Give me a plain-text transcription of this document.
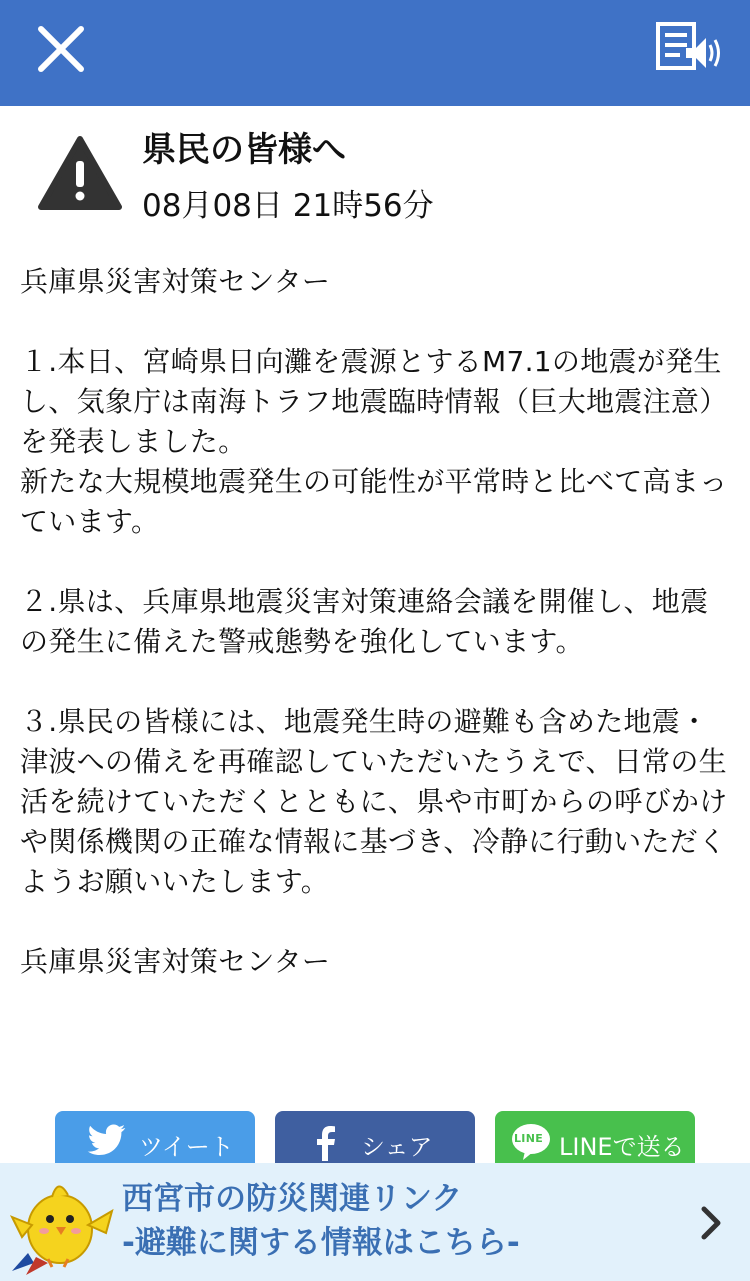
県民の皆様へ
08月08日 21時56分

兵庫県災害対策センター

１.本日、宮崎県日向灘を震源とするM7.1の地震が発生し、気象庁は南海トラフ地震臨時情報（巨大地震注意）を発表しました。

新たな大規模地震発生の可能性が平常時と比べて高まっています。

２.県は、兵庫県地震災害対策連絡会議を開催し、地震の発生に備えた警戒態勢を強化しています。

３.県民の皆様には、地震発生時の避難も含めた地震・津波への備えを再確認していただいたうえで、日常の生活を続けていただくとともに、県や市町からの呼びかけや関係機関の正確な情報に基づき、冷静に行動いただくようお願いいたします。

兵庫県災害対策センター

ツイート	シェア	LINE LINEで送る
西宮市の防災関連リンク
-避難に関する情報はこちら-
